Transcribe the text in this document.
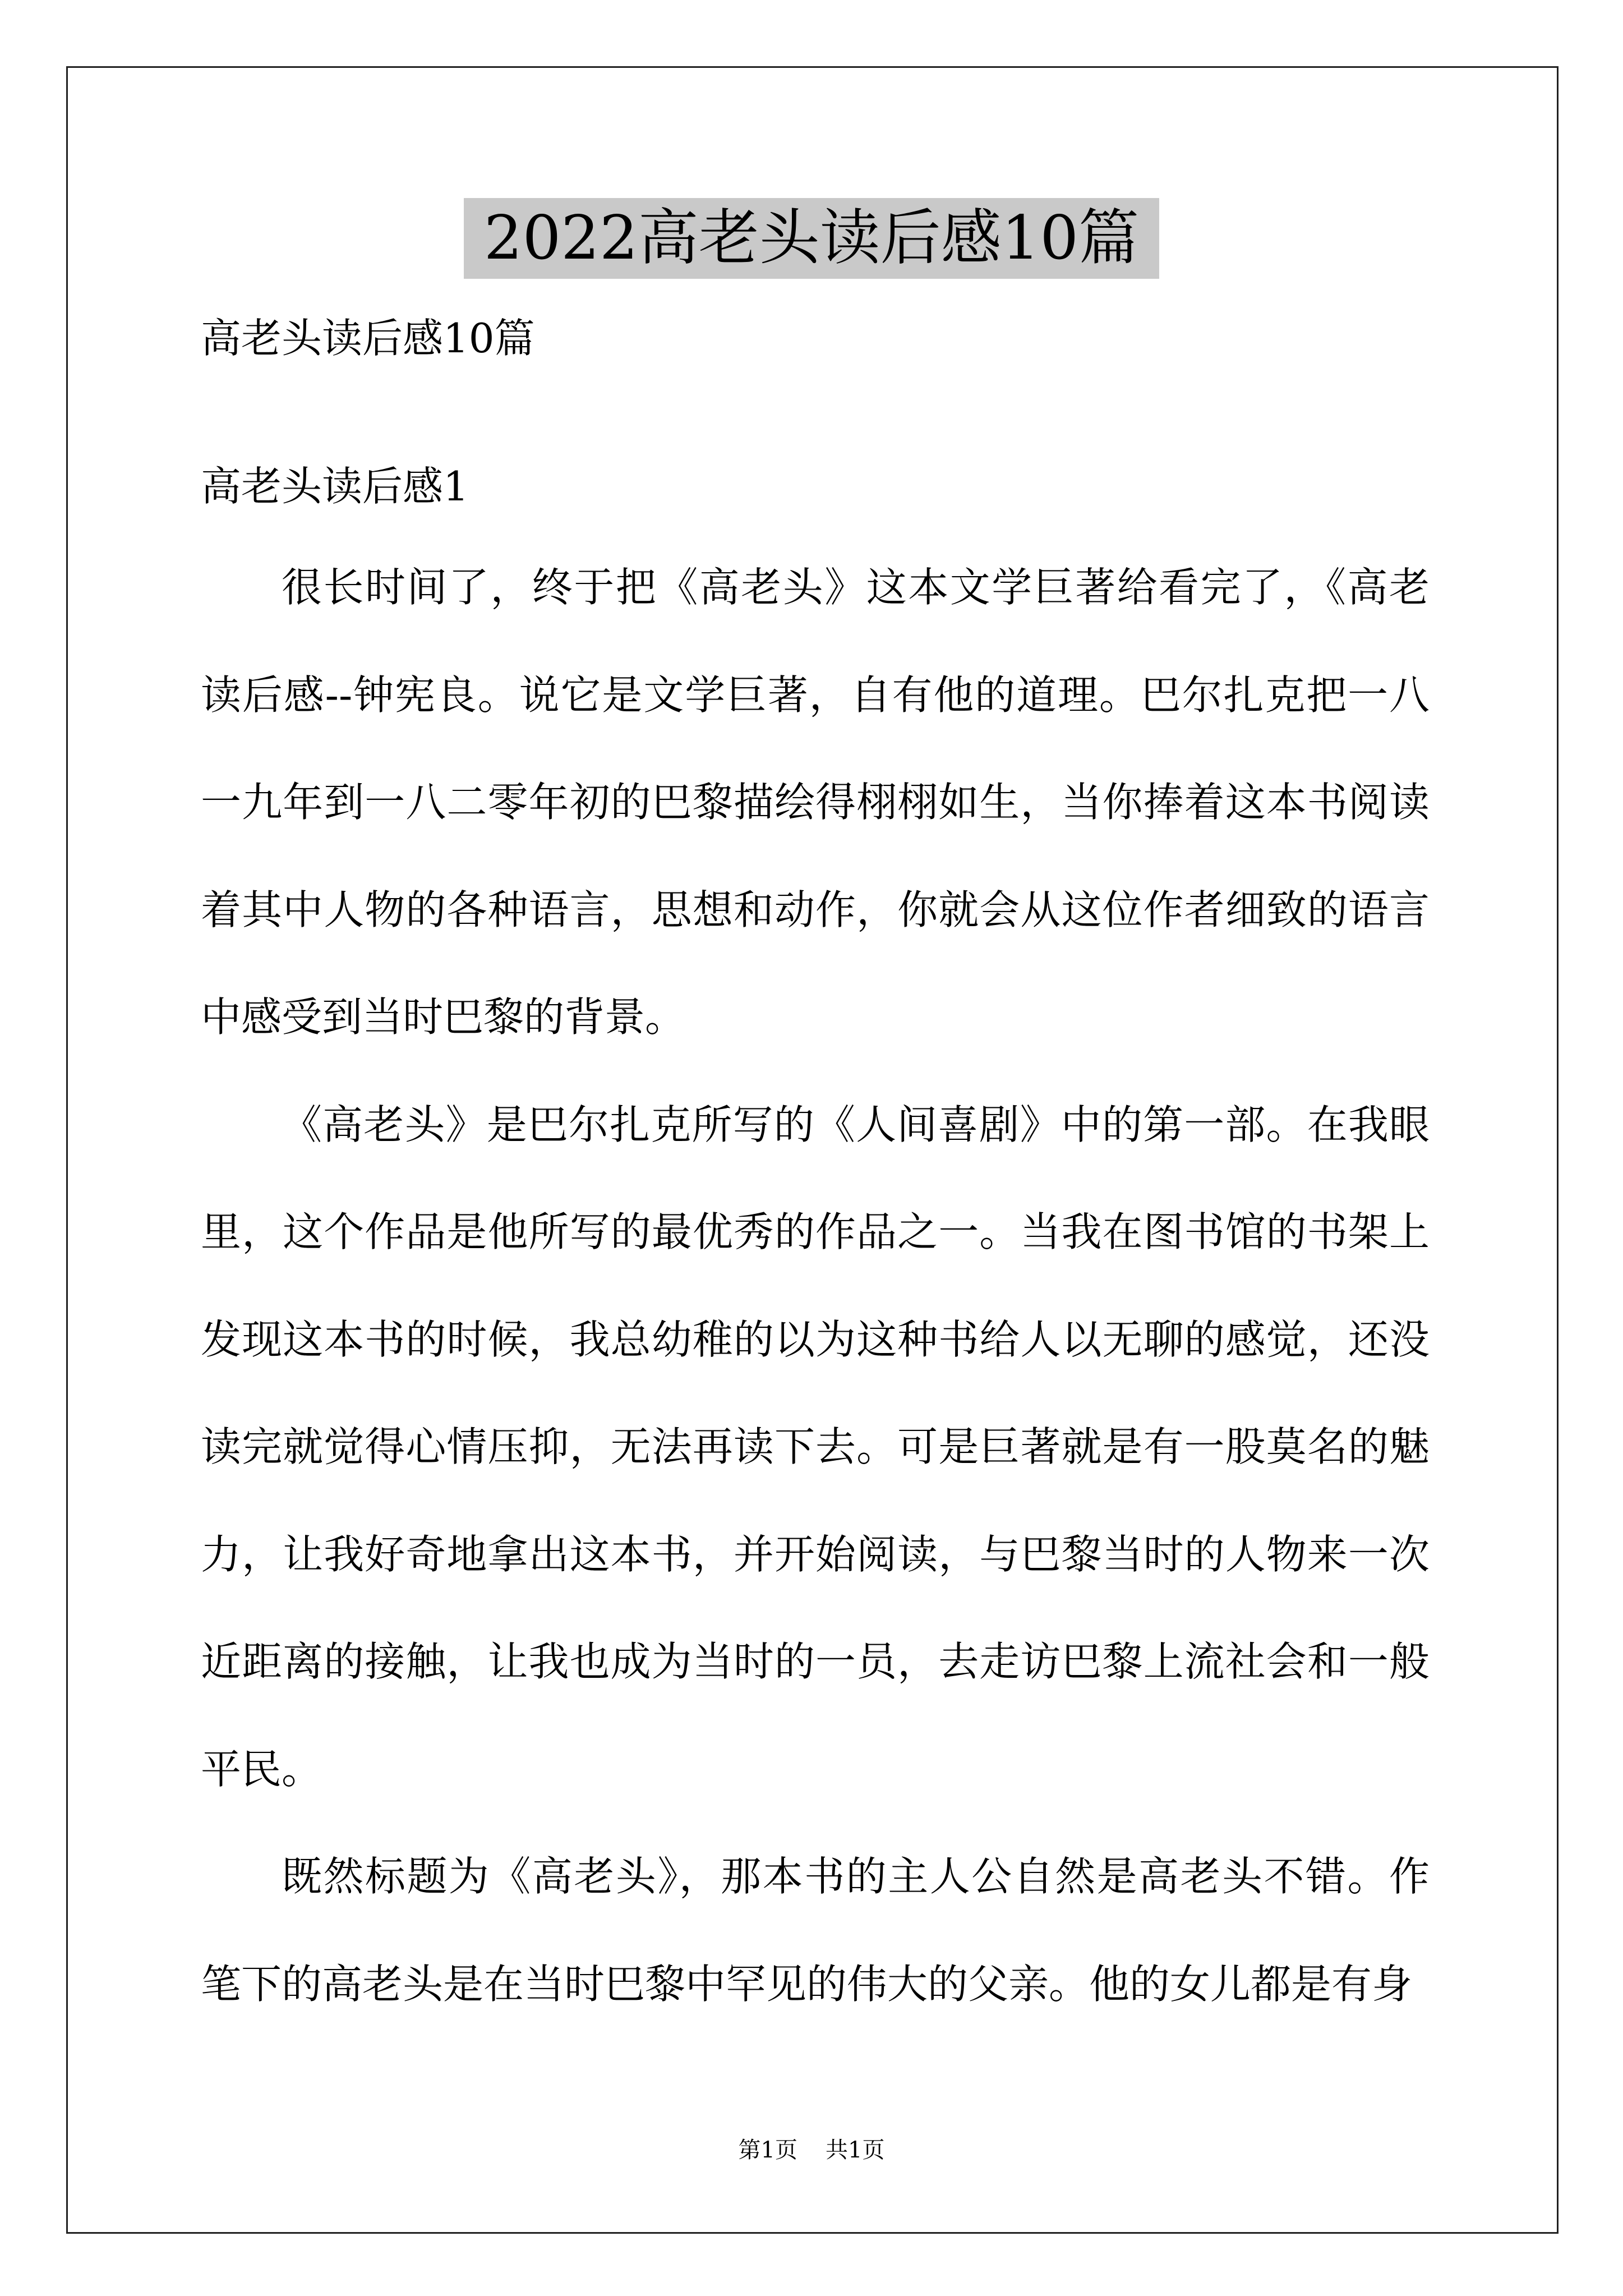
2022高老头读后感10篇
高老头读后感10篇
高老头读后感1
很长时间了，终于把《高老头》这本文学巨著给看完了，《高老
读后感--钟宪良。说它是文学巨著，自有他的道理。巴尔扎克把一八
一九年到一八二零年初的巴黎描绘得栩栩如生，当你捧着这本书阅读
着其中人物的各种语言，思想和动作，你就会从这位作者细致的语言
中感受到当时巴黎的背景。
《高老头》是巴尔扎克所写的《人间喜剧》中的第一部。在我眼
里，这个作品是他所写的最优秀的作品之一。当我在图书馆的书架上
发现这本书的时候，我总幼稚的以为这种书给人以无聊的感觉，还没
读完就觉得心情压抑，无法再读下去。可是巨著就是有一股莫名的魅
力，让我好奇地拿出这本书，并开始阅读，与巴黎当时的人物来一次
近距离的接触，让我也成为当时的一员，去走访巴黎上流社会和一般
平民。
既然标题为《高老头》，那本书的主人公自然是高老头不错。作
笔下的高老头是在当时巴黎中罕见的伟大的父亲。他的女儿都是有身
第1页 共1页
